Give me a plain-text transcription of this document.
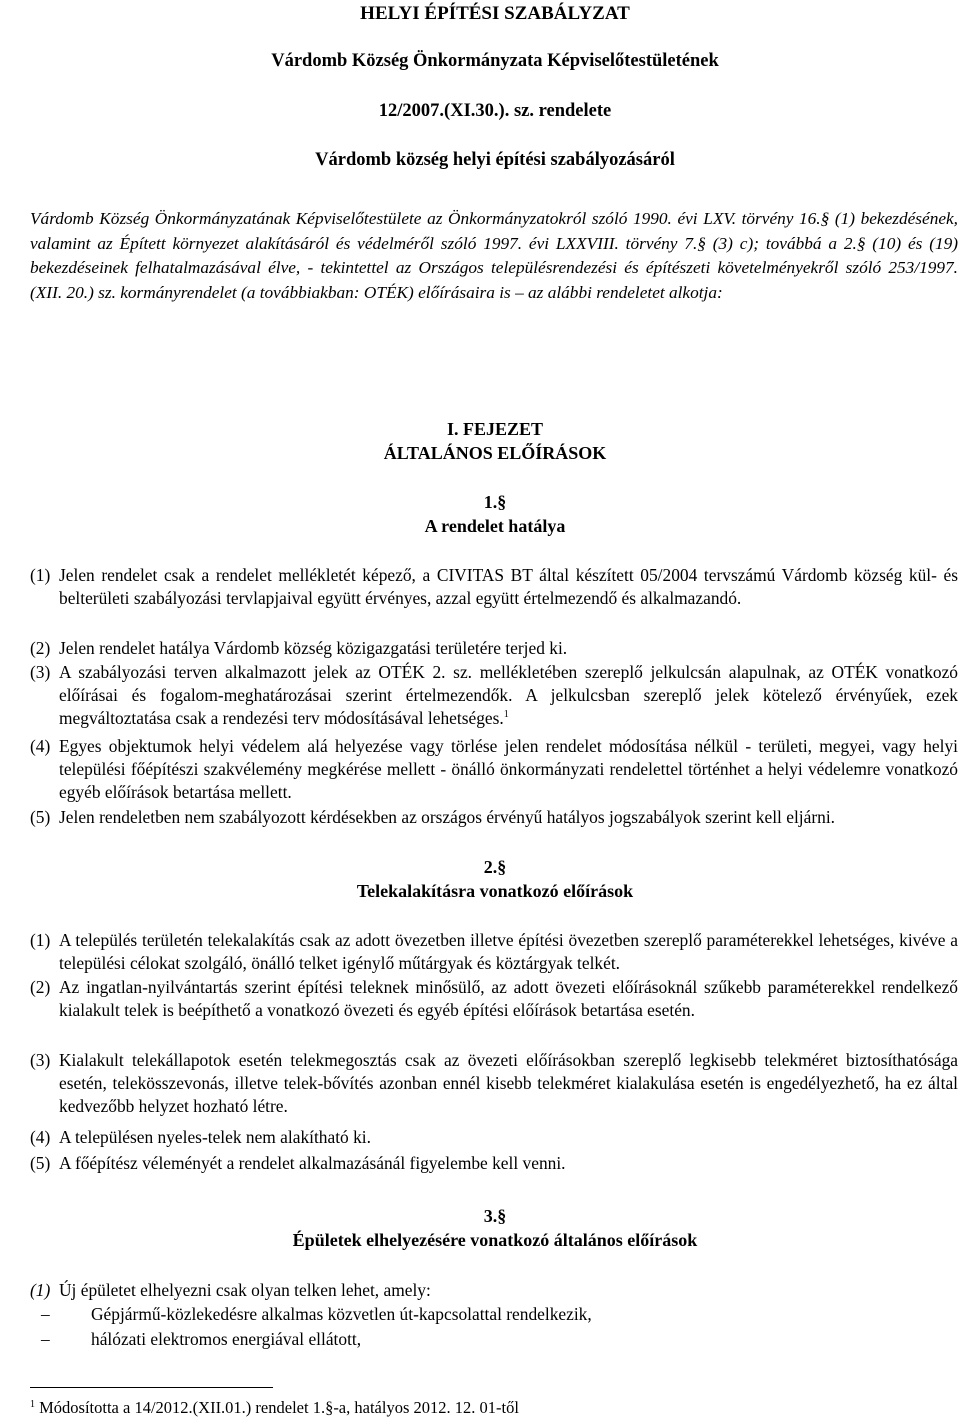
HELYI ÉPÍTÉSI SZABÁLYZAT
Várdomb Község Önkormányzata Képviselőtestületének
12/2007.(XI.30.). sz. rendelete
Várdomb község helyi építési szabályozásáról

Várdomb Község Önkormányzatának Képviselőtestülete az Önkormányzatokról szóló 1990. évi LXV. törvény 16.§ (1) bekezdésének, valamint az Épített környezet alakításáról és védelméről szóló 1997. évi LXXVIII. törvény 7.§ (3) c); továbbá a 2.§ (10) és (19) bekezdéseinek felhatalmazásával élve, - tekintettel az Országos településrendezési és építészeti követelményekről szóló 253/1997. (XII. 20.) sz. kormányrendelet (a továbbiakban: OTÉK) előírásaira is – az alábbi rendeletet alkotja:

I. FEJEZET
ÁLTALÁNOS ELŐÍRÁSOK
1.§
A rendelet hatálya
(1) Jelen rendelet csak a rendelet mellékletét képező, a CIVITAS BT által készített 05/2004 tervszámú Várdomb község kül- és belterületi szabályozási tervlapjaival együtt érvényes, azzal együtt értelmezendő és alkalmazandó.
(2) Jelen rendelet hatálya Várdomb község közigazgatási területére terjed ki.
(3) A szabályozási terven alkalmazott jelek az OTÉK 2. sz. mellékletében szereplő jelkulcsán alapulnak, az OTÉK vonatkozó előírásai és fogalom-meghatározásai szerint értelmezendők. A jelkulcsban szereplő jelek kötelező érvényűek, ezek megváltoztatása csak a rendezési terv módosításával lehetséges.$^1$
(4) Egyes objektumok helyi védelem alá helyezése vagy törlése jelen rendelet módosítása nélkül - területi, megyei, vagy helyi települési főépítészi szakvélemény megkérése mellett - önálló önkormányzati rendelettel történhet a helyi védelemre vonatkozó egyéb előírások betartása mellett.
(5) Jelen rendeletben nem szabályozott kérdésekben az országos érvényű hatályos jogszabályok szerint kell eljárni.
2.§
Telekalakításra vonatkozó előírások
(1) A település területén telekalakítás csak az adott övezetben illetve építési övezetben szereplő paraméterekkel lehetséges, kivéve a települési célokat szolgáló, önálló telket igénylő műtárgyak és köztárgyak telkét.
(2) Az ingatlan-nyilvántartás szerint építési teleknek minősülő, az adott övezeti előírásoknál szűkebb paraméterekkel rendelkező kialakult telek is beépíthető a vonatkozó övezeti és egyéb építési előírások betartása esetén.
(3) Kialakult telekállapotok esetén telekmegosztás csak az övezeti előírásokban szereplő legkisebb telekméret biztosíthatósága esetén, telekösszevonás, illetve telek-bővítés azonban ennél kisebb telekméret kialakulása esetén is engedélyezhető, ha ez által kedvezőbb helyzet hozható létre.
(4) A településen nyeles-telek nem alakítható ki.
(5) A főépítész véleményét a rendelet alkalmazásánál figyelembe kell venni.
3.§
Épületek elhelyezésére vonatkozó általános előírások
(1) Új épületet elhelyezni csak olyan telken lehet, amely:
– Gépjármű-közlekedésre alkalmas közvetlen út-kapcsolattal rendelkezik,
– hálózati elektromos energiával ellátott,
$^1$ Módosította a 14/2012.(XII.01.) rendelet 1.§-a, hatályos 2012. 12. 01-től
